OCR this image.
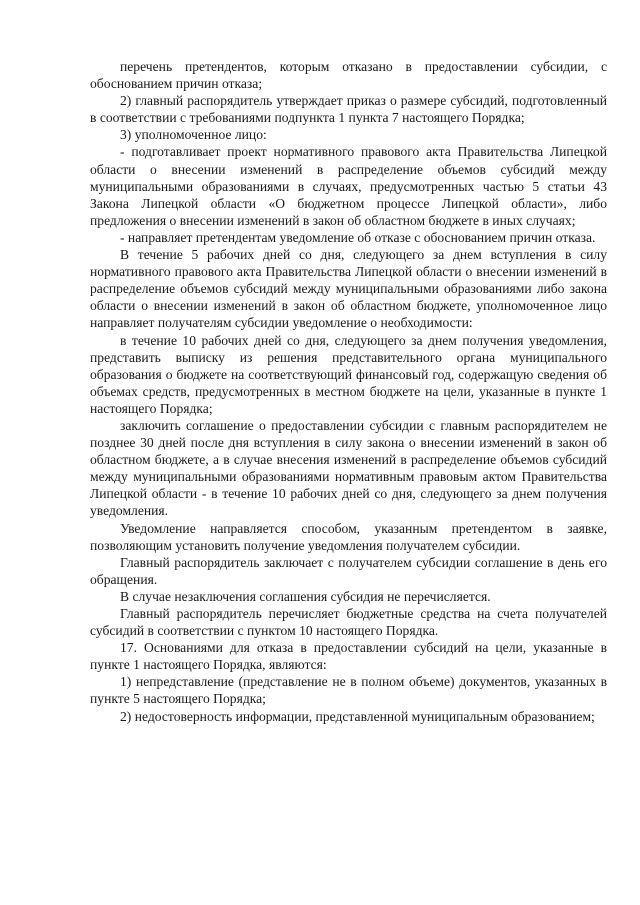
перечень претендентов, которым отказано в предоставлении субсидии, с обоснованием причин отказа;

2) главный распорядитель утверждает приказ о размере субсидий, подготовленный в соответствии с требованиями подпункта 1 пункта 7 настоящего Порядка;

3) уполномоченное лицо:

- подготавливает проект нормативного правового акта Правительства Липецкой области о внесении изменений в распределение объемов субсидий между муниципальными образованиями в случаях, предусмотренных частью 5 статьи 43 Закона Липецкой области «О бюджетном процессе Липецкой области», либо предложения о внесении изменений в закон об областном бюджете в иных случаях;

- направляет претендентам уведомление об отказе с обоснованием причин отказа.

В течение 5 рабочих дней со дня, следующего за днем вступления в силу нормативного правового акта Правительства Липецкой области о внесении изменений в распределение объемов субсидий между муниципальными образованиями либо закона области о внесении изменений в закон об областном бюджете, уполномоченное лицо направляет получателям субсидии уведомление о необходимости:

в течение 10 рабочих дней со дня, следующего за днем получения уведомления, представить выписку из решения представительного органа муниципального образования о бюджете на соответствующий финансовый год, содержащую сведения об объемах средств, предусмотренных в местном бюджете на цели, указанные в пункте 1 настоящего Порядка;

заключить соглашение о предоставлении субсидии с главным распорядителем не позднее 30 дней после дня вступления в силу закона о внесении изменений в закон об областном бюджете, а в случае внесения изменений в распределение объемов субсидий между муниципальными образованиями нормативным правовым актом Правительства Липецкой области - в течение 10 рабочих дней со дня, следующего за днем получения уведомления.

Уведомление направляется способом, указанным претендентом в заявке, позволяющим установить получение уведомления получателем субсидии.

Главный распорядитель заключает с получателем субсидии соглашение в день его обращения.

В случае незаключения соглашения субсидия не перечисляется.

Главный распорядитель перечисляет бюджетные средства на счета получателей субсидий в соответствии с пунктом 10 настоящего Порядка.

17. Основаниями для отказа в предоставлении субсидий на цели, указанные в пункте 1 настоящего Порядка, являются:

1) непредставление (представление не в полном объеме) документов, указанных в пункте 5 настоящего Порядка;

2) недостоверность информации, представленной муниципальным образованием;
